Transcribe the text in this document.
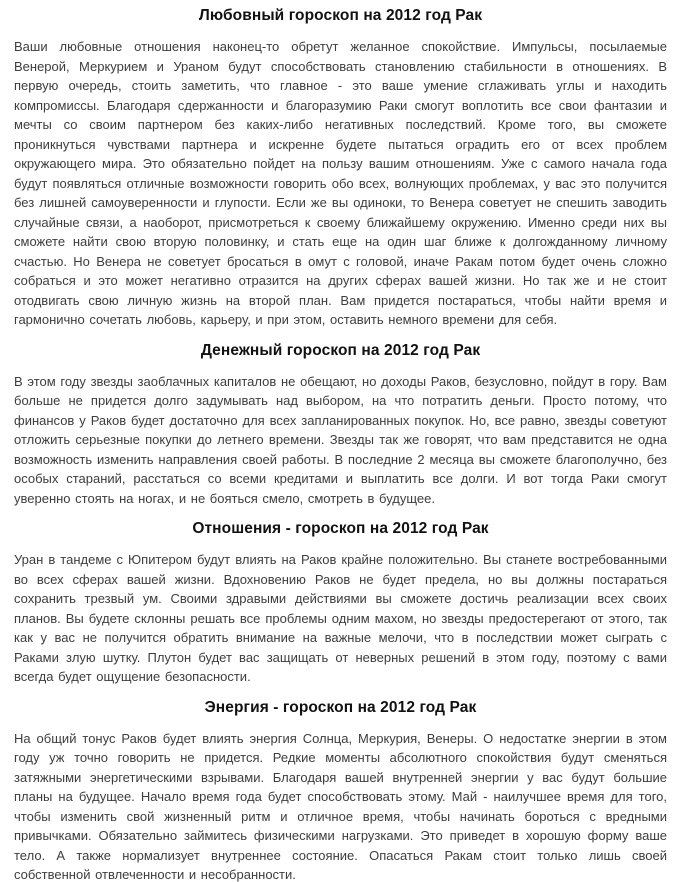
Любовный гороскоп на 2012 год Рак

Ваши любовные отношения наконец-то обретут желанное спокойствие. Импульсы, посылаемые Венерой, Меркурием и Ураном будут способствовать становлению стабильности в отношениях. В первую очередь, стоить заметить, что главное - это ваше умение сглаживать углы и находить компромиссы. Благодаря сдержанности и благоразумию Раки смогут воплотить все свои фантазии и мечты со своим партнером без каких-либо негативных последствий. Кроме того, вы сможете проникнуться чувствами партнера и искренне будете пытаться оградить его от всех проблем окружающего мира. Это обязательно пойдет на пользу вашим отношениям. Уже с самого начала года будут появляться отличные возможности говорить обо всех, волнующих проблемах, у вас это получится без лишней самоуверенности и глупости. Если же вы одиноки, то Венера советует не спешить заводить случайные связи, а наоборот, присмотреться к своему ближайшему окружению. Именно среди них вы сможете найти свою вторую половинку, и стать еще на один шаг ближе к долгожданному личному счастью. Но Венера не советует бросаться в омут с головой, иначе Ракам потом будет очень сложно собраться и это может негативно отразится на других сферах вашей жизни. Но так же и не стоит отодвигать свою личную жизнь на второй план. Вам придется постараться, чтобы найти время и гармонично сочетать любовь, карьеру, и при этом, оставить немного времени для себя.

Денежный гороскоп на 2012 год Рак

В этом году звезды заоблачных капиталов не обещают, но доходы Раков, безусловно, пойдут в гору. Вам больше не придется долго задумывать над выбором, на что потратить деньги. Просто потому, что финансов у Раков будет достаточно для всех запланированных покупок. Но, все равно, звезды советуют отложить серьезные покупки до летнего времени. Звезды так же говорят, что вам представится не одна возможность изменить направления своей работы. В последние 2 месяца вы сможете благополучно, без особых стараний, расстаться со всеми кредитами и выплатить все долги. И вот тогда Раки смогут уверенно стоять на ногах, и не бояться смело, смотреть в будущее.

Отношения - гороскоп на 2012 год Рак

Уран в тандеме с Юпитером будут влиять на Раков крайне положительно. Вы станете востребованными во всех сферах вашей жизни. Вдохновению Раков не будет предела, но вы должны постараться сохранить трезвый ум. Своими здравыми действиями вы сможете достичь реализации всех своих планов. Вы будете склонны решать все проблемы одним махом, но звезды предостерегают от этого, так как у вас не получится обратить внимание на важные мелочи, что в последствии может сыграть с Раками злую шутку. Плутон будет вас защищать от неверных решений в этом году, поэтому с вами всегда будет ощущение безопасности.

Энергия - гороскоп на 2012 год Рак

На общий тонус Раков будет влиять энергия Солнца, Меркурия, Венеры. О недостатке энергии в этом году уж точно говорить не придется. Редкие моменты абсолютного спокойствия будут сменяться затяжными энергетическими взрывами. Благодаря вашей внутренней энергии у вас будут большие планы на будущее. Начало время года будет способствовать этому. Май - наилучшее время для того, чтобы изменить свой жизненный ритм и отличное время, чтобы начинать бороться с вредными привычками. Обязательно займитесь физическими нагрузками. Это приведет в хорошую форму ваше тело. А также нормализует внутреннее состояние. Опасаться Ракам стоит только лишь своей собственной отвлеченности и несобранности.
